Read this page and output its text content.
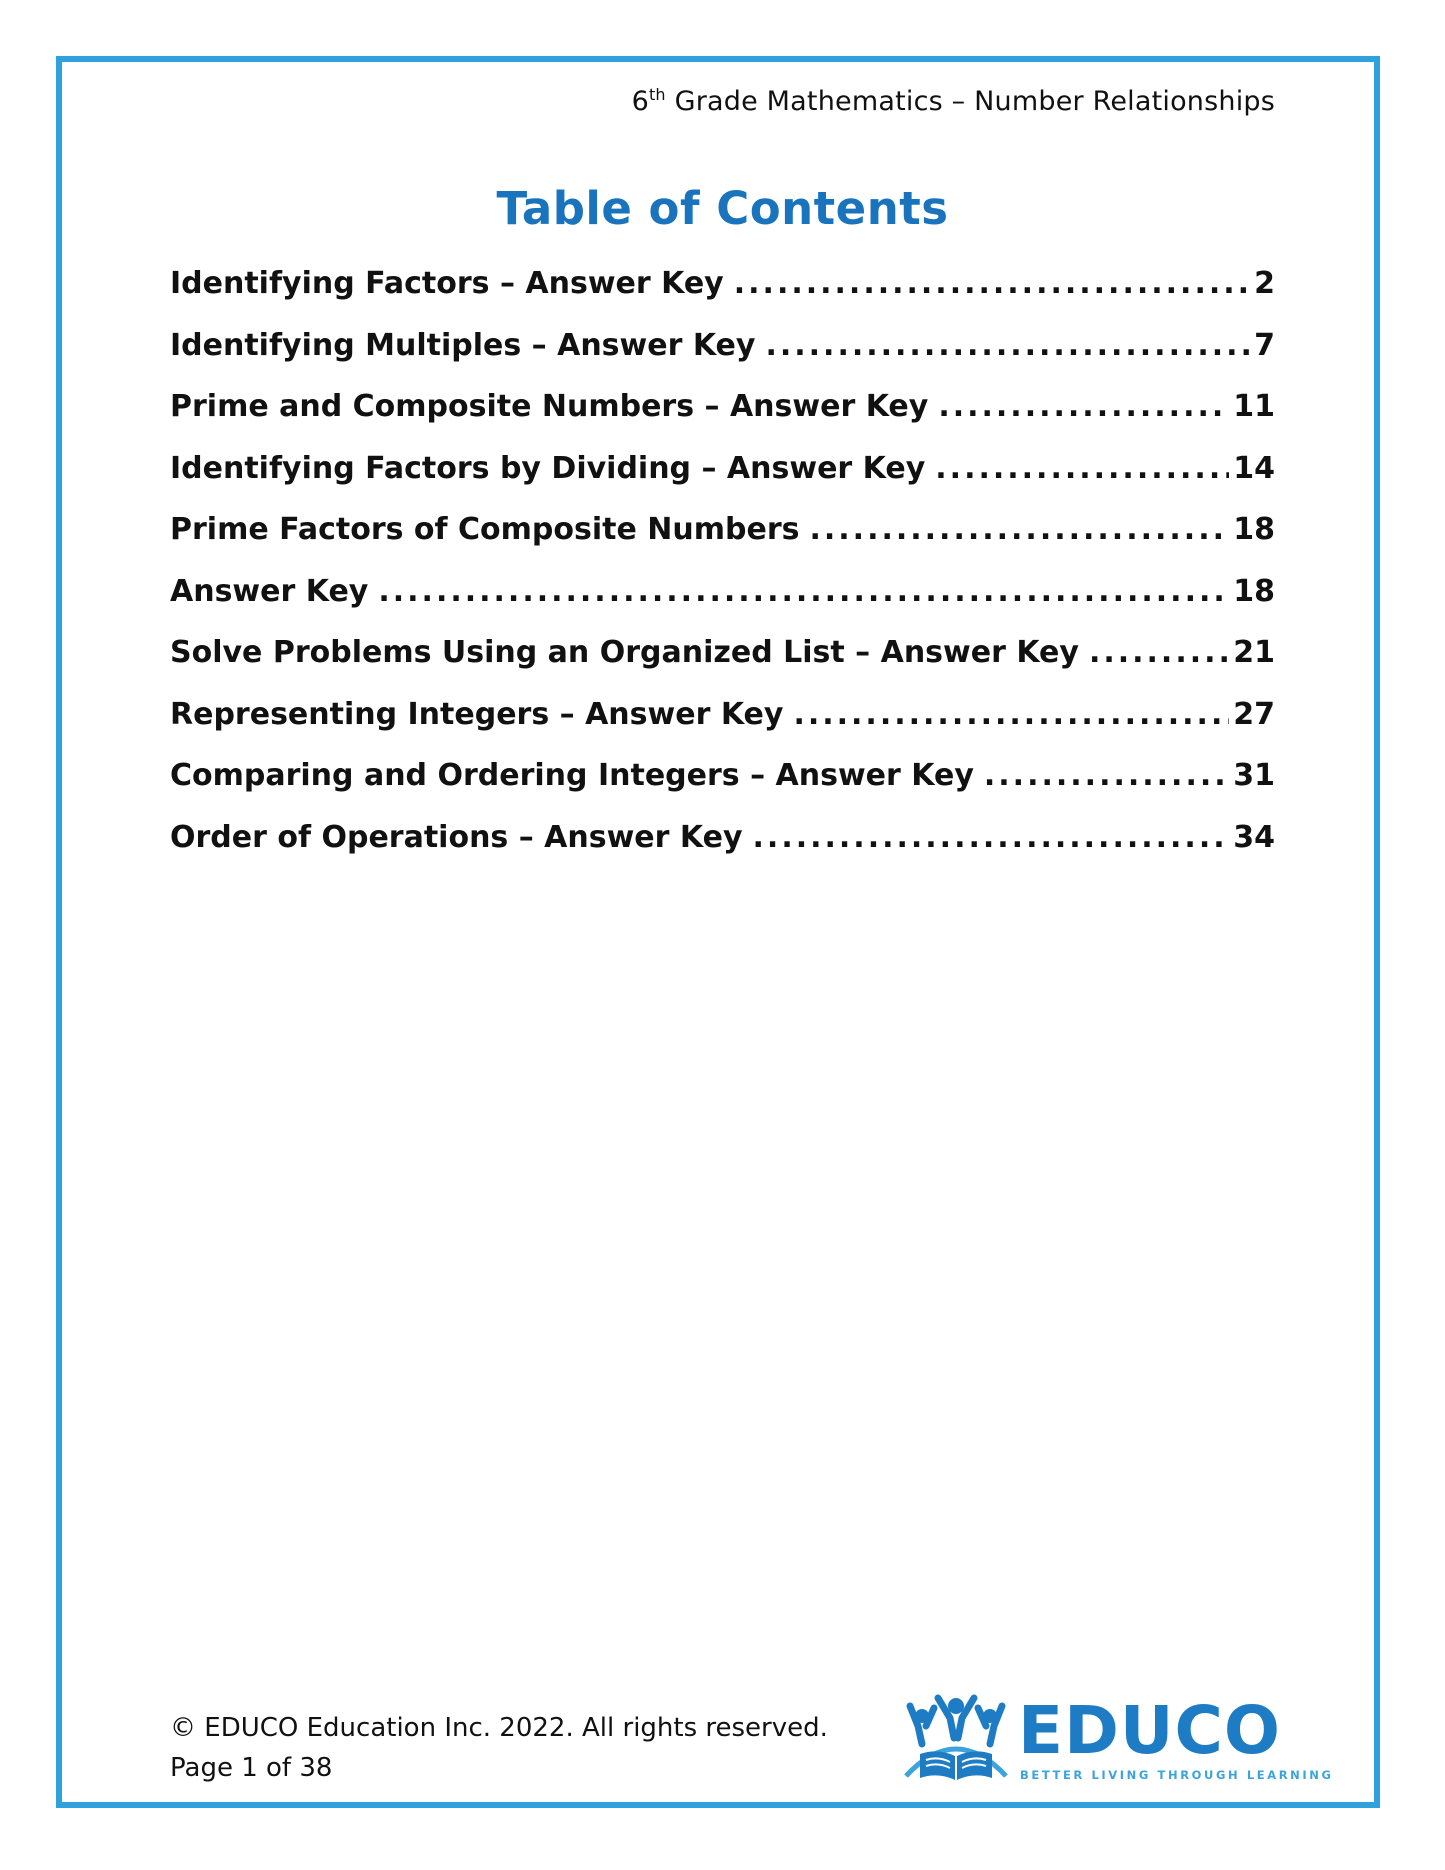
6th Grade Mathematics – Number Relationships
Table of Contents
Identifying Factors – Answer Key .....	2
Identifying Multiples – Answer Key .....	7
Prime and Composite Numbers – Answer Key .....	11
Identifying Factors by Dividing – Answer Key .....	14
Prime Factors of Composite Numbers .....	18
Answer Key .....	18
Solve Problems Using an Organized List – Answer Key .....	21
Representing Integers – Answer Key .....	27
Comparing and Ordering Integers – Answer Key .....	31
Order of Operations – Answer Key .....	34
© EDUCO Education Inc. 2022. All rights reserved.
Page 1 of 38	EDUCO
BETTER LIVING THROUGH LEARNING
